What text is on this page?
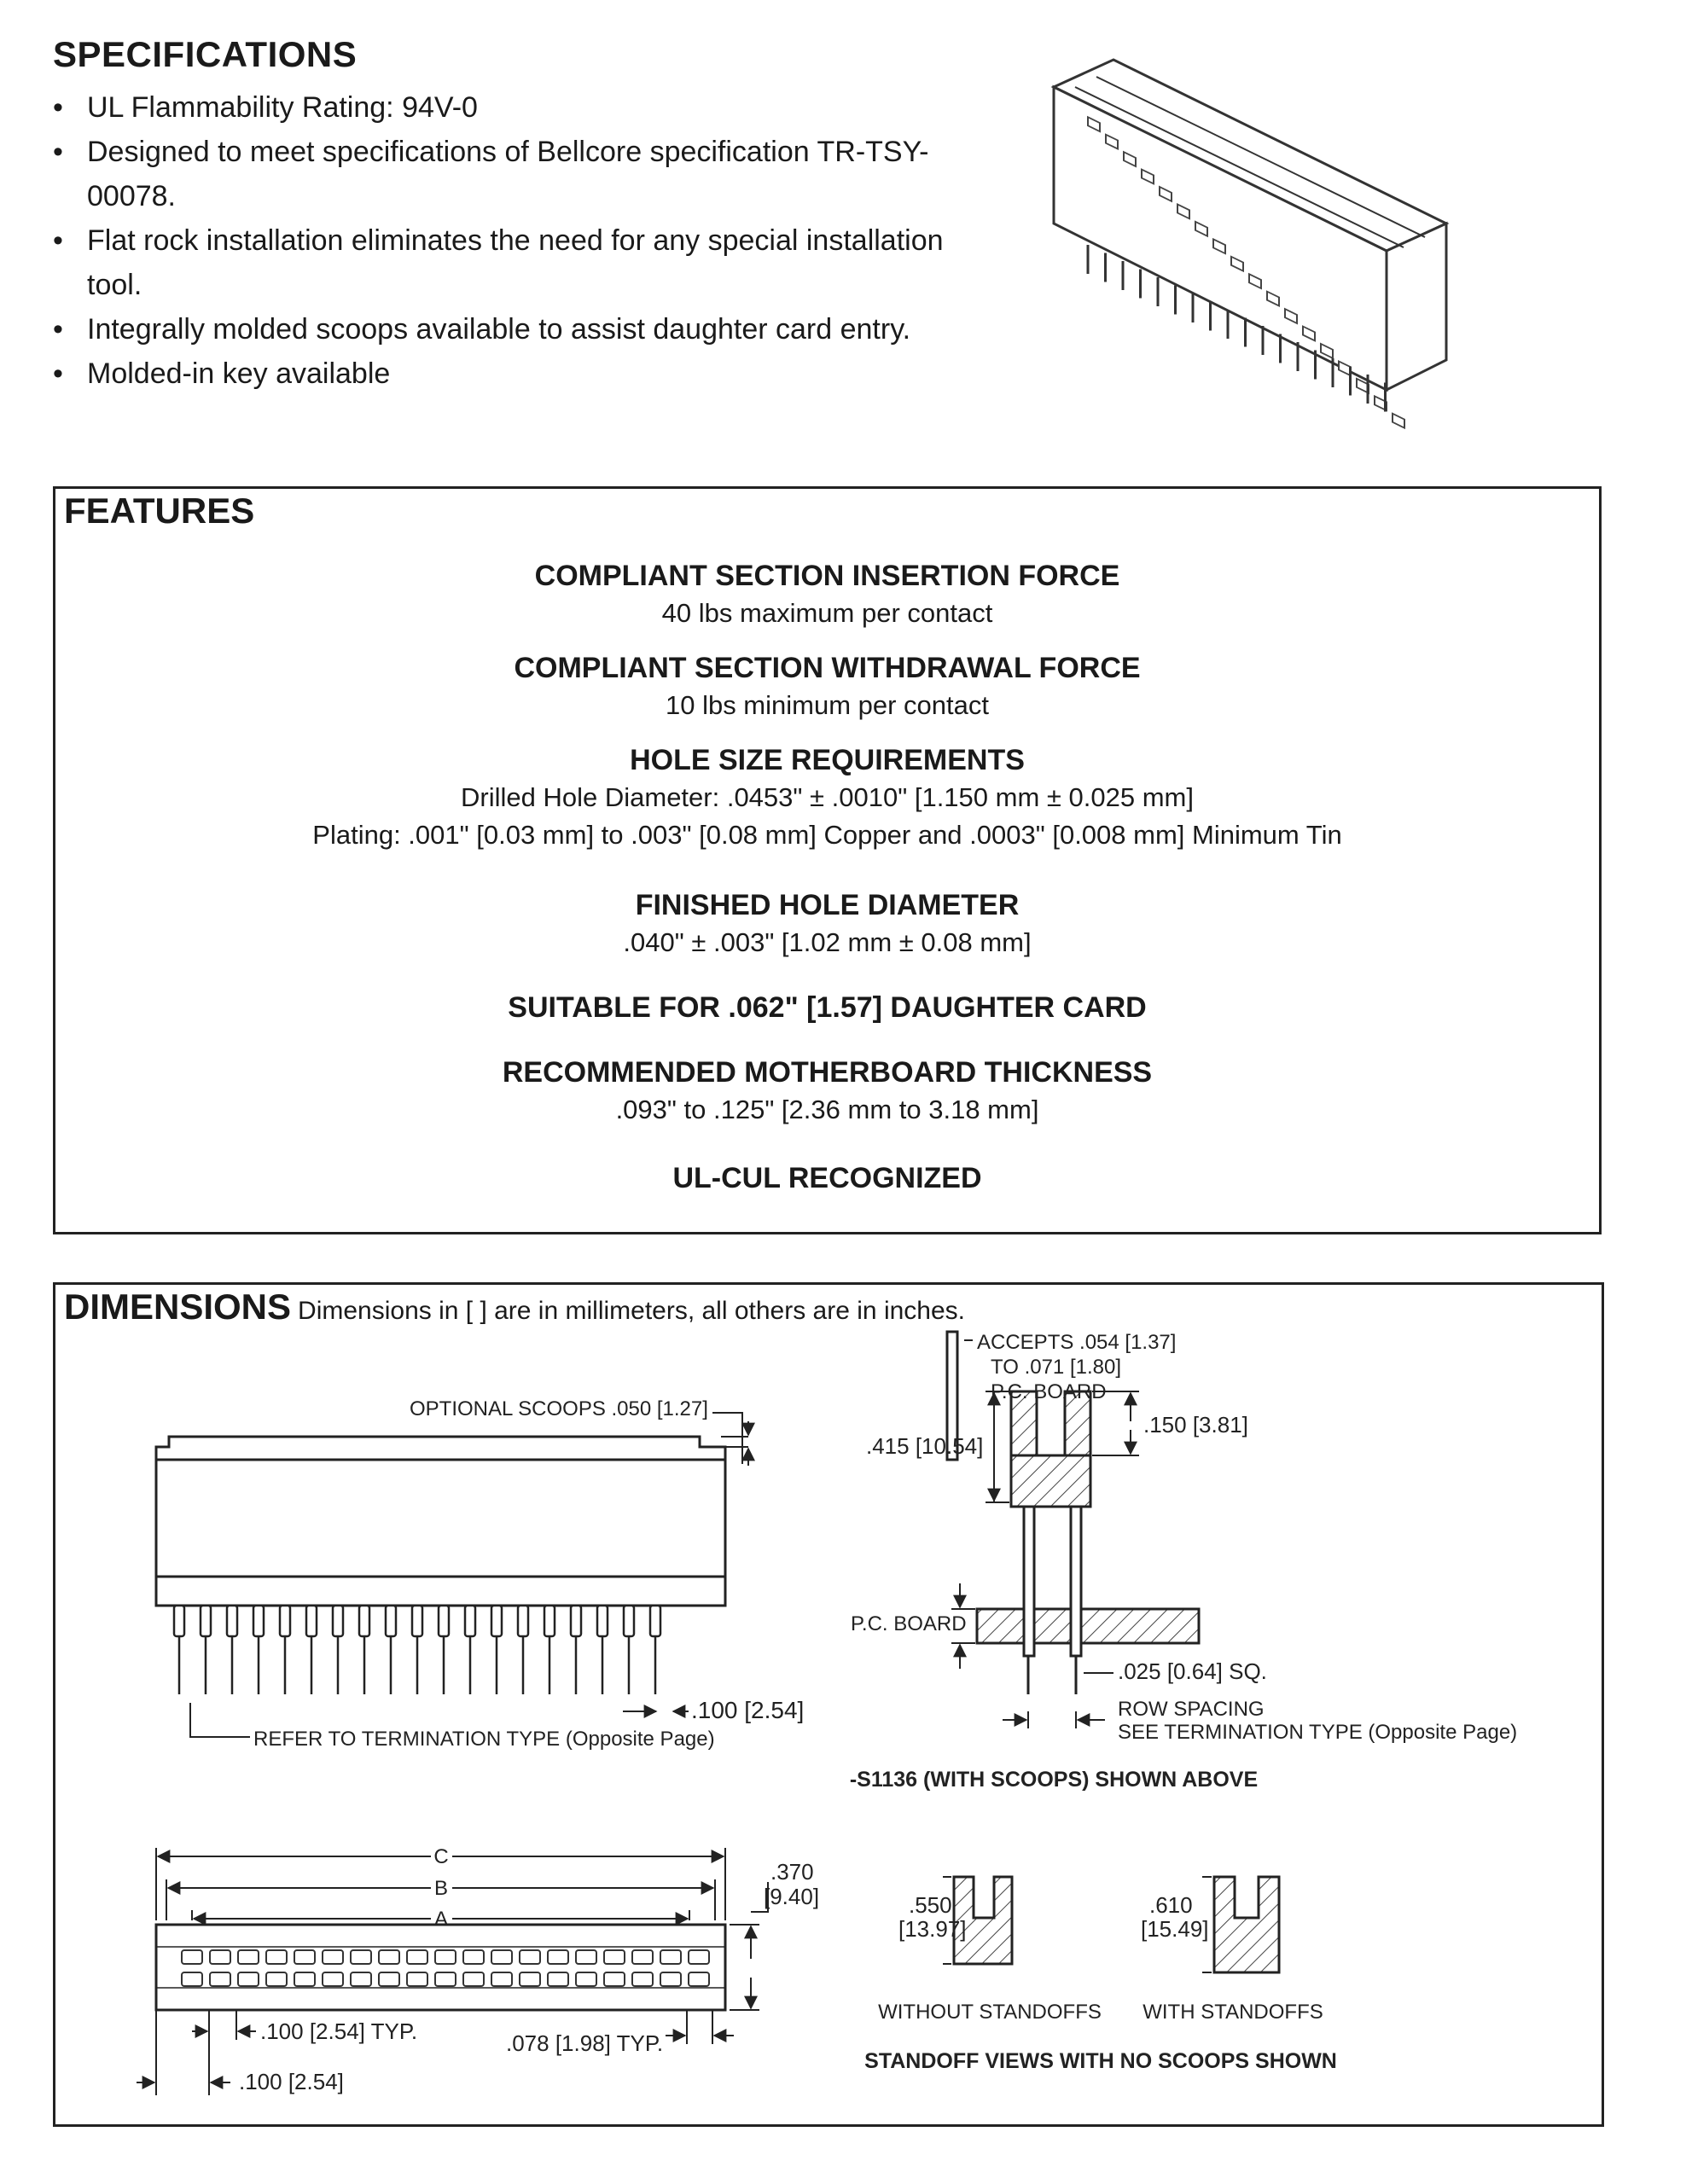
SPECIFICATIONS
• UL Flammability Rating: 94V-0
• Designed to meet specifications of Bellcore specification TR-TSY-00078.
• Flat rock installation eliminates the need for any special installation tool.
• Integrally molded scoops available to assist daughter card entry.
• Molded-in key available
FEATURES
COMPLIANT SECTION INSERTION FORCE
40 lbs maximum per contact
COMPLIANT SECTION WITHDRAWAL FORCE
10 lbs minimum per contact
HOLE SIZE REQUIREMENTS
Drilled Hole Diameter: .0453" ± .0010" [1.150 mm ± 0.025 mm]
Plating: .001" [0.03 mm] to .003" [0.08 mm] Copper and .0003" [0.008 mm] Minimum Tin
FINISHED HOLE DIAMETER
.040" ± .003" [1.02 mm ± 0.08 mm]
SUITABLE FOR .062" [1.57] DAUGHTER CARD
RECOMMENDED MOTHERBOARD THICKNESS
.093" to .125" [2.36 mm to 3.18 mm]
UL-CUL RECOGNIZED
DIMENSIONS Dimensions in [ ] are in millimeters, all others are in inches.
OPTIONAL SCOOPS .050 [1.27]
.100 [2.54]
REFER TO TERMINATION TYPE (Opposite Page)
ACCEPTS .054 [1.37]
TO .071 [1.80]
P.C. BOARD
.415 [10.54]
.150 [3.81]
P.C. BOARD
.025 [0.64] SQ.
ROW SPACING
SEE TERMINATION TYPE (Opposite Page)
-S1136 (WITH SCOOPS) SHOWN ABOVE
C
B
A
.370
[9.40]
.100 [2.54] TYP.	.078 [1.98] TYP.
.100 [2.54]
.550
[13.97]
.610
[15.49]
WITHOUT STANDOFFS WITH STANDOFFS
STANDOFF VIEWS WITH NO SCOOPS SHOWN
